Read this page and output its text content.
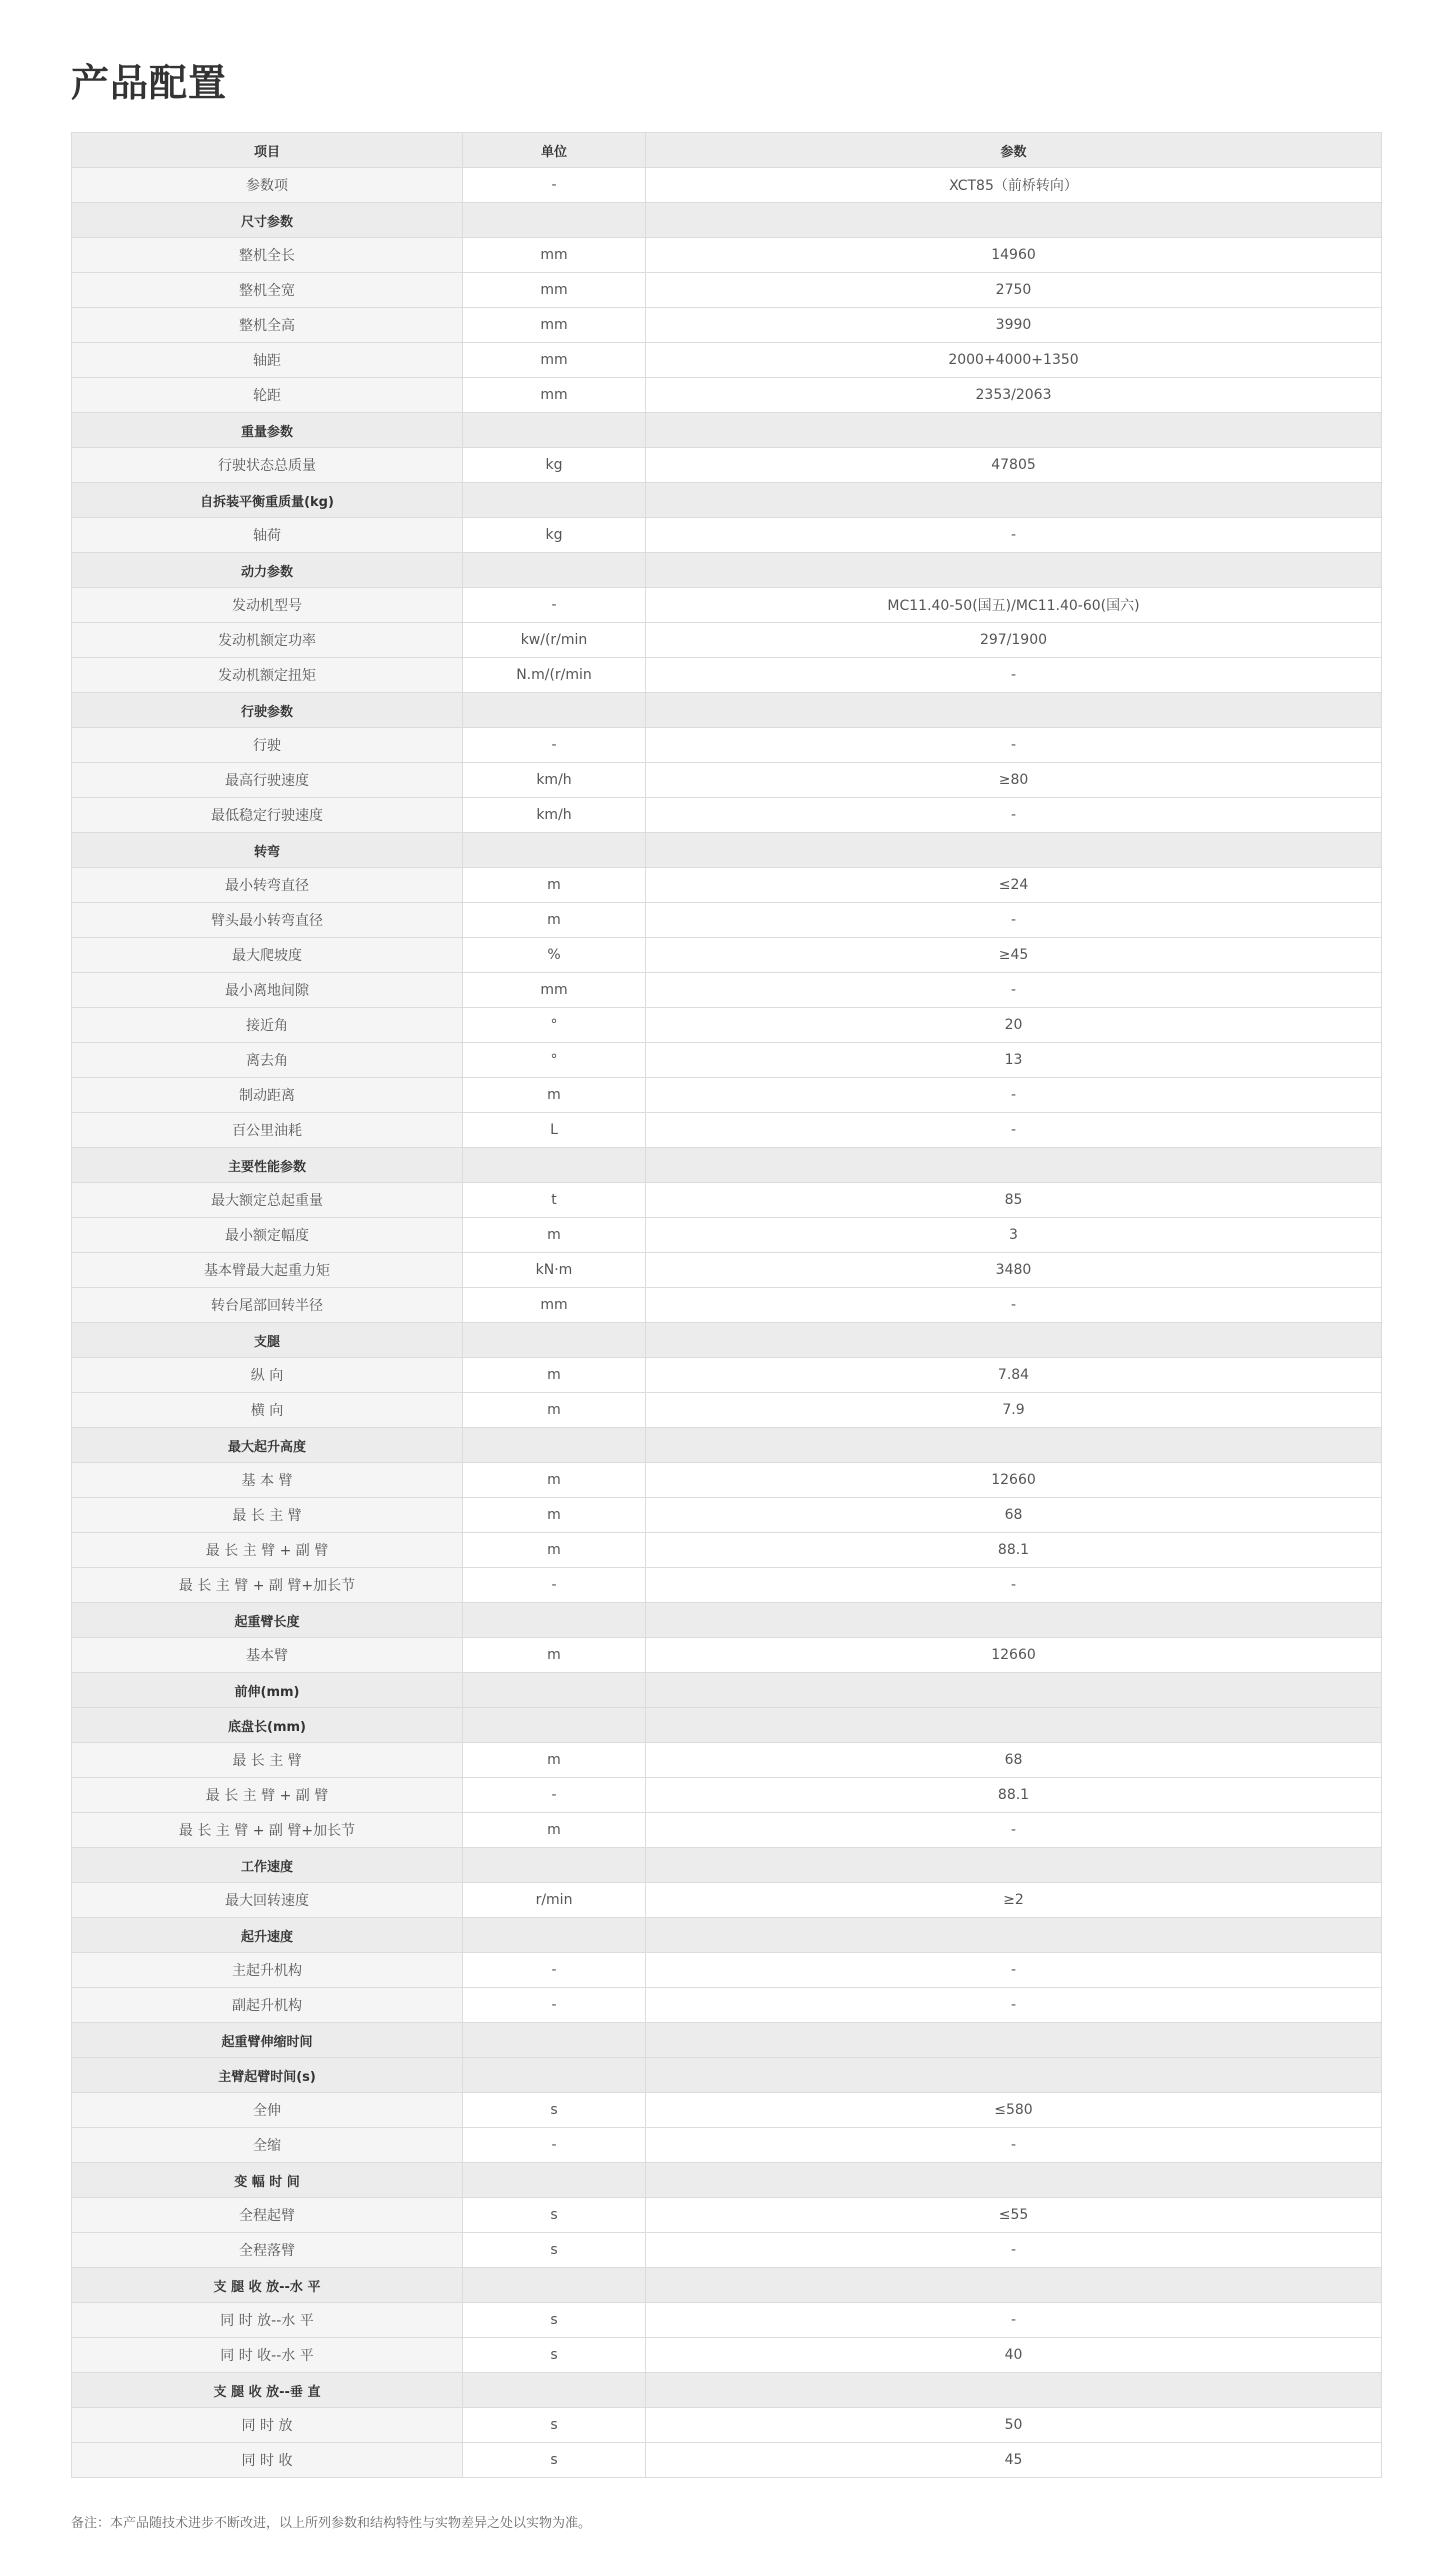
产品配置
项目	单位	参数
参数项	-	XCT85（前桥转向）
尺寸参数		
整机全长	mm	14960
整机全宽	mm	2750
整机全高	mm	3990
轴距	mm	2000+4000+1350
轮距	mm	2353/2063
重量参数		
行驶状态总质量	kg	47805
自拆装平衡重质量(kg)		
轴荷	kg	-
动力参数		
发动机型号	-	MC11.40-50(国五)/MC11.40-60(国六)
发动机额定功率	kw/(r/min	297/1900
发动机额定扭矩	N.m/(r/min	-
行驶参数		
行驶	-	-
最高行驶速度	km/h	≥80
最低稳定行驶速度	km/h	-
转弯		
最小转弯直径	m	≤24
臂头最小转弯直径	m	-
最大爬坡度	%	≥45
最小离地间隙	mm	-
接近角	°	20
离去角	°	13
制动距离	m	-
百公里油耗	L	-
主要性能参数		
最大额定总起重量	t	85
最小额定幅度	m	3
基本臂最大起重力矩	kN·m	3480
转台尾部回转半径	mm	-
支腿		
纵 向	m	7.84
横 向	m	7.9
最大起升高度		
基 本 臂	m	12660
最 长 主 臂	m	68
最 长 主 臂 + 副 臂	m	88.1
最 长 主 臂 + 副 臂+加长节	-	-
起重臂长度		
基本臂	m	12660
前伸(mm)		
底盘长(mm)		
最 长 主 臂	m	68
最 长 主 臂 + 副 臂	-	88.1
最 长 主 臂 + 副 臂+加长节	m	-
工作速度		
最大回转速度	r/min	≥2
起升速度		
主起升机构	-	-
副起升机构	-	-
起重臂伸缩时间		
主臂起臂时间(s)		
全伸	s	≤580
全缩	-	-
变 幅 时 间		
全程起臂	s	≤55
全程落臂	s	-
支 腿 收 放--水 平		
同 时 放--水 平	s	-
同 时 收--水 平	s	40
支 腿 收 放--垂 直		
同 时 放	s	50
同 时 收	s	45

备注：本产品随技术进步不断改进，以上所列参数和结构特性与实物差异之处以实物为准。
